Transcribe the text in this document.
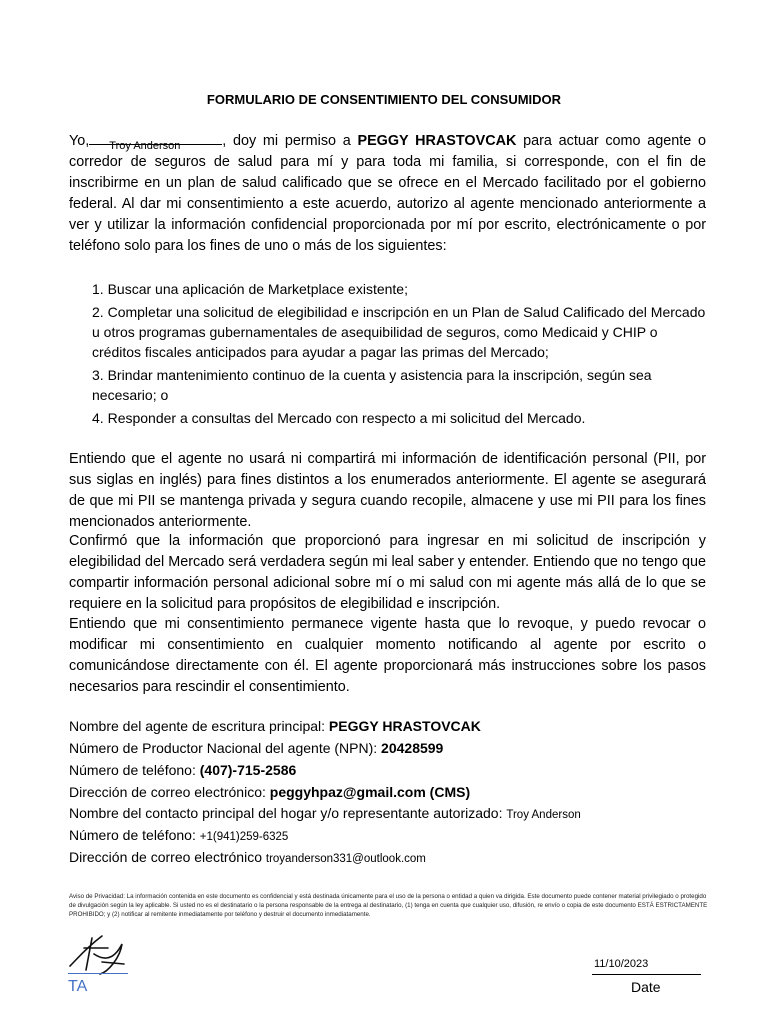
FORMULARIO DE CONSENTIMIENTO DEL CONSUMIDOR

Yo, Troy Anderson	, doy mi permiso a PEGGY HRASTOVCAK para actuar como agente o corredor de seguros de salud para mí y para toda mi familia, si corresponde, con el fin de inscribirme en un plan de salud calificado que se ofrece en el Mercado facilitado por el gobierno federal. Al dar mi consentimiento a este acuerdo, autorizo al agente mencionado anteriormente a ver y utilizar la información confidencial proporcionada por mí por escrito, electrónicamente o por teléfono solo para los fines de uno o más de los siguientes:

1. Buscar una aplicación de Marketplace existente;
2. Completar una solicitud de elegibilidad e inscripción en un Plan de Salud Calificado del Mercado u otros programas gubernamentales de asequibilidad de seguros, como Medicaid y CHIP o créditos fiscales anticipados para ayudar a pagar las primas del Mercado;
3. Brindar mantenimiento continuo de la cuenta y asistencia para la inscripción, según sea necesario; o
4. Responder a consultas del Mercado con respecto a mi solicitud del Mercado.

Entiendo que el agente no usará ni compartirá mi información de identificación personal (PII, por sus siglas en inglés) para fines distintos a los enumerados anteriormente. El agente se asegurará de que mi PII se mantenga privada y segura cuando recopile, almacene y use mi PII para los fines mencionados anteriormente.

Confirmó que la información que proporcionó para ingresar en mi solicitud de inscripción y elegibilidad del Mercado será verdadera según mi leal saber y entender. Entiendo que no tengo que compartir información personal adicional sobre mí o mi salud con mi agente más allá de lo que se requiere en la solicitud para propósitos de elegibilidad e inscripción.

Entiendo que mi consentimiento permanece vigente hasta que lo revoque, y puedo revocar o modificar mi consentimiento en cualquier momento notificando al agente por escrito o comunicándose directamente con él. El agente proporcionará más instrucciones sobre los pasos necesarios para rescindir el consentimiento.

Nombre del agente de escritura principal: PEGGY HRASTOVCAK
Número de Productor Nacional del agente (NPN): 20428599
Número de teléfono: (407)-715-2586
Dirección de correo electrónico: peggyhpaz@gmail.com (CMS)
Nombre del contacto principal del hogar y/o representante autorizado: Troy Anderson
Número de teléfono: +1(941)259-6325
Dirección de correo electrónico troyanderson331@outlook.com
Aviso de Privacidad: La información contenida en este documento es confidencial y está destinada únicamente para el uso de la persona o entidad a quien va dirigida. Este documento puede contener material privilegiado o protegido de divulgación según la ley aplicable. Si usted no es el destinatario o la persona responsable de la entrega al destinatario, (1) tenga en cuenta que cualquier uso, difusión, re envío o copia de este documento ESTÁ ESTRICTAMENTE PROHIBIDO; y (2) notificar al remitente inmediatamente por teléfono y destruir el documento inmediatamente.
TA
11/10/2023
Date
